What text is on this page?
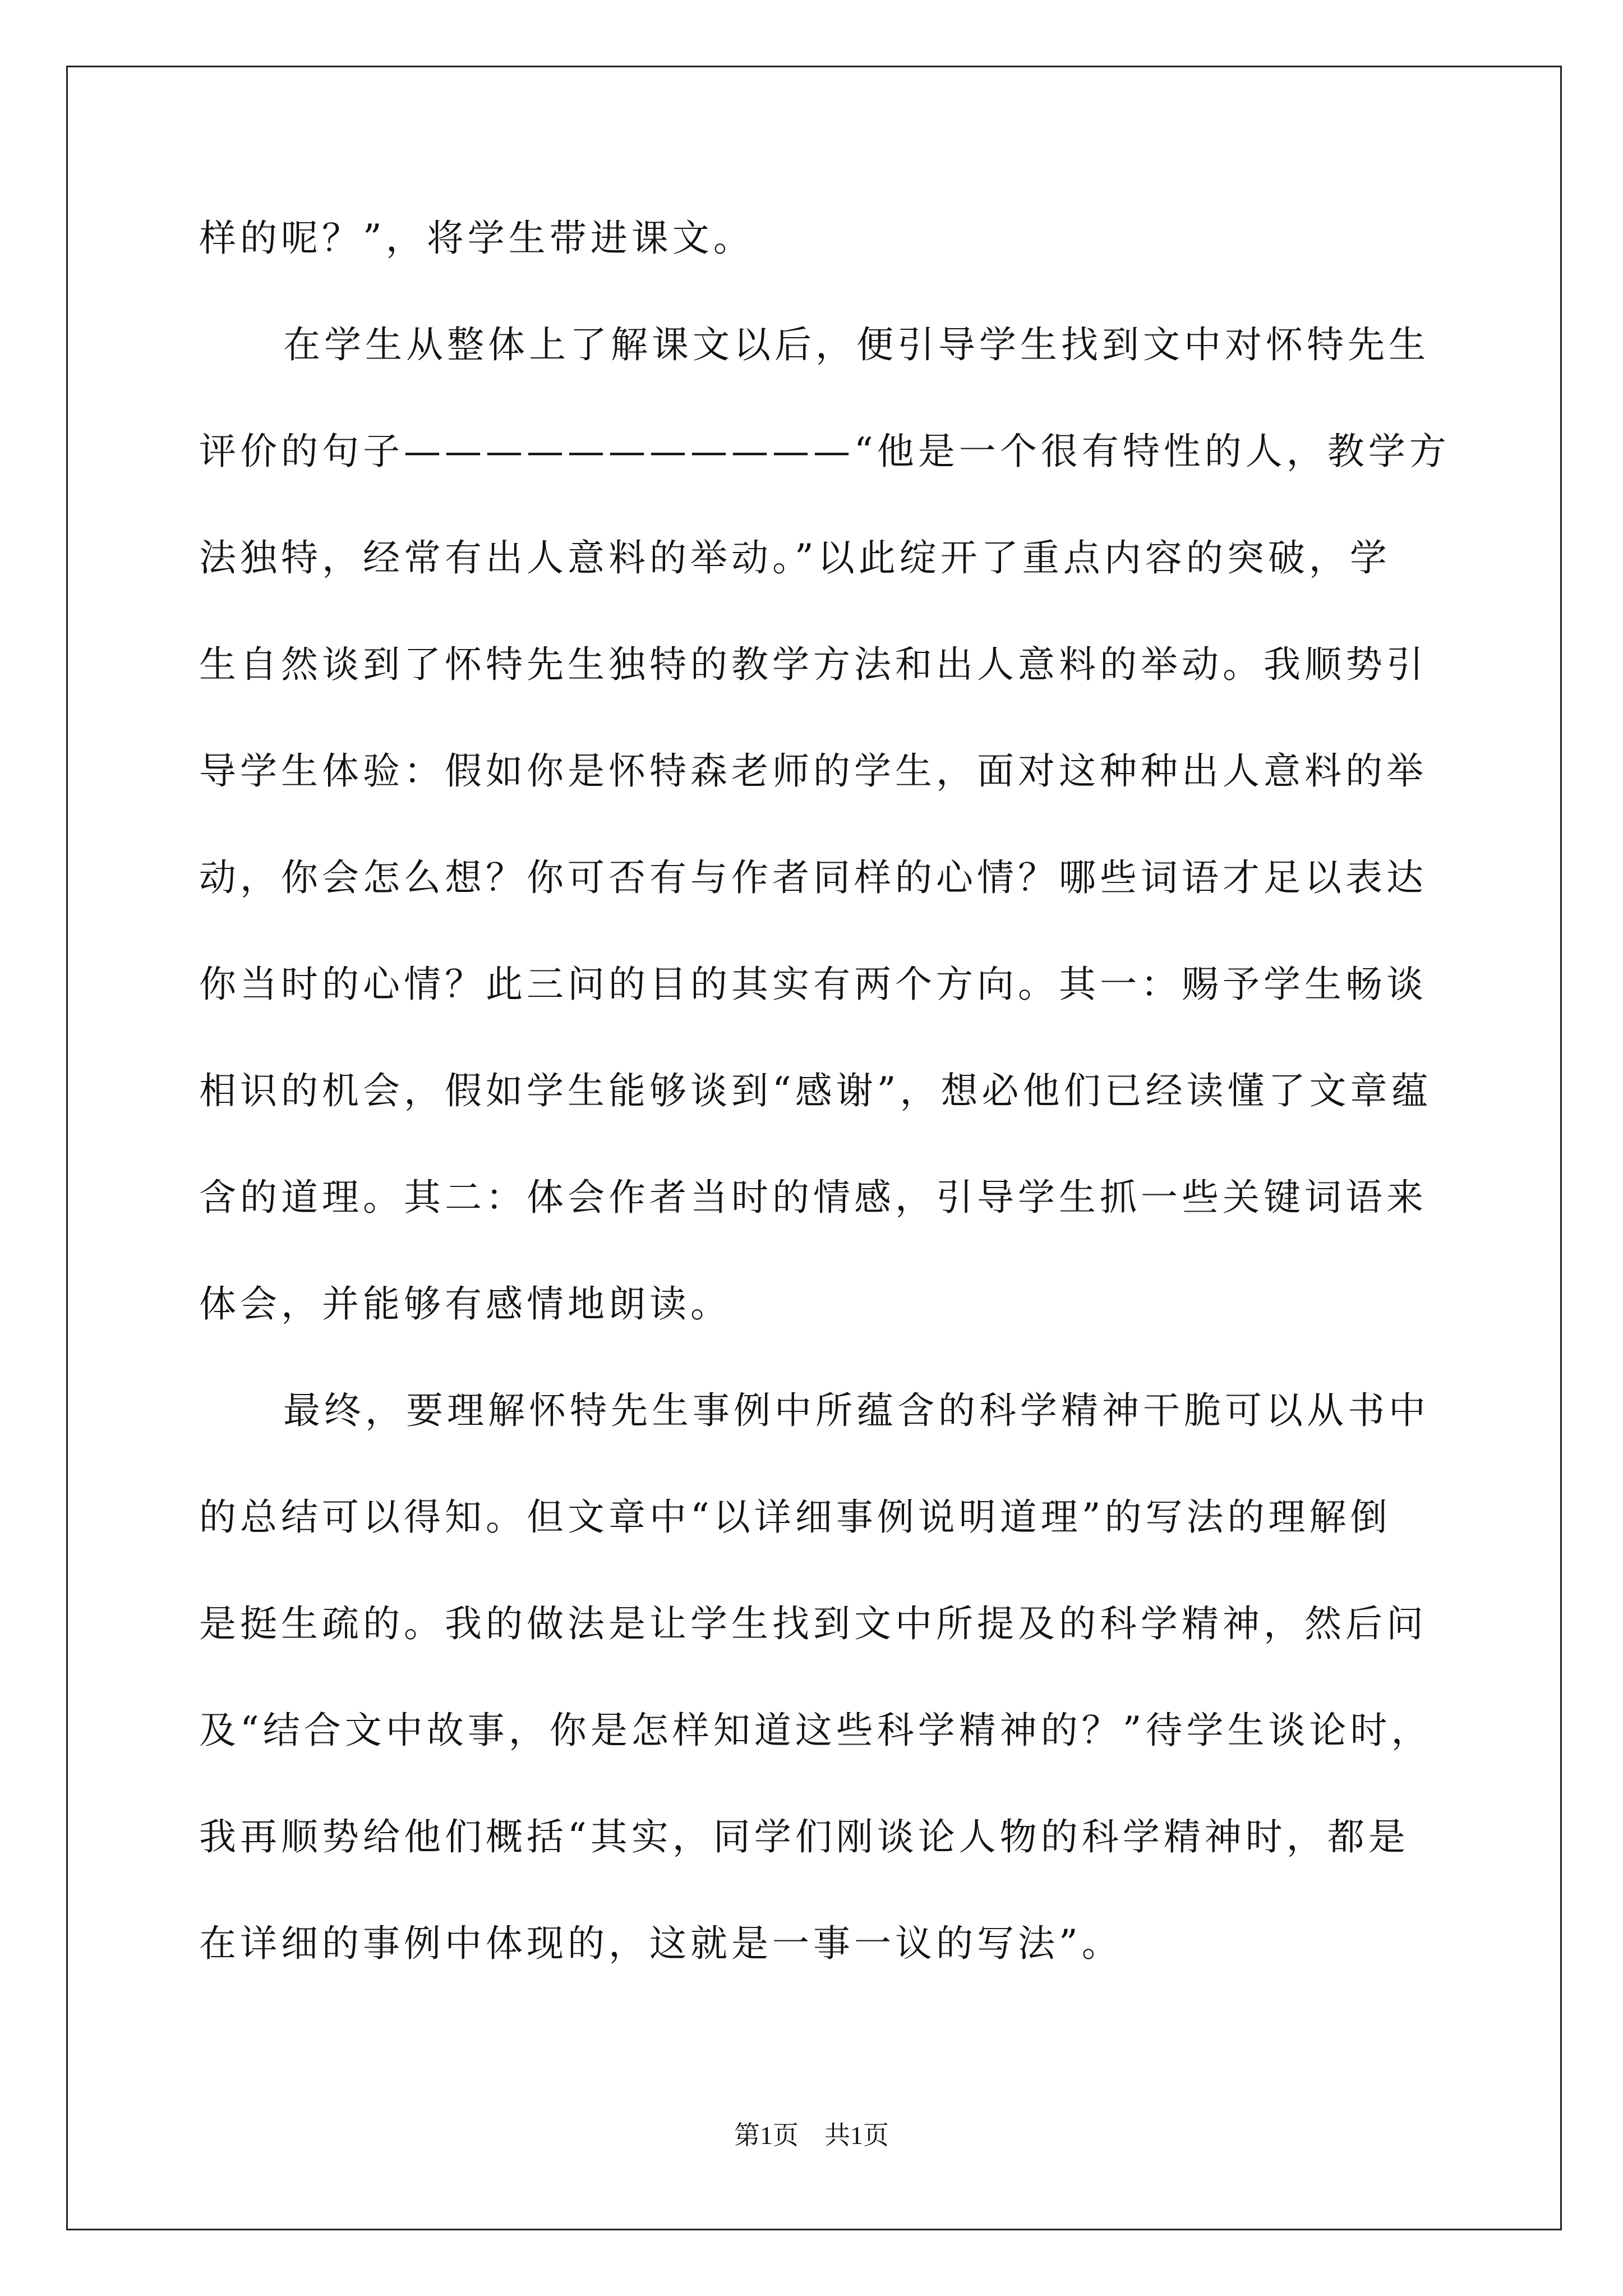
样的呢？”，将学生带进课文。
在学生从整体上了解课文以后，便引导学生找到文中对怀特先生
评价的句子———————————“他是一个很有特性的人，教学方
法独特，经常有出人意料的举动。”以此绽开了重点内容的突破，学
生自然谈到了怀特先生独特的教学方法和出人意料的举动。我顺势引
导学生体验：假如你是怀特森老师的学生，面对这种种出人意料的举
动，你会怎么想？你可否有与作者同样的心情？哪些词语才足以表达
你当时的心情？此三问的目的其实有两个方向。其一：赐予学生畅谈
相识的机会，假如学生能够谈到“感谢”，想必他们已经读懂了文章蕴
含的道理。其二：体会作者当时的情感，引导学生抓一些关键词语来
体会，并能够有感情地朗读。
最终，要理解怀特先生事例中所蕴含的科学精神干脆可以从书中
的总结可以得知。但文章中“以详细事例说明道理”的写法的理解倒
是挺生疏的。我的做法是让学生找到文中所提及的科学精神，然后问
及“结合文中故事，你是怎样知道这些科学精神的？”待学生谈论时，
我再顺势给他们概括“其实，同学们刚谈论人物的科学精神时，都是
在详细的事例中体现的，这就是一事一议的写法”。
第1页 共1页
